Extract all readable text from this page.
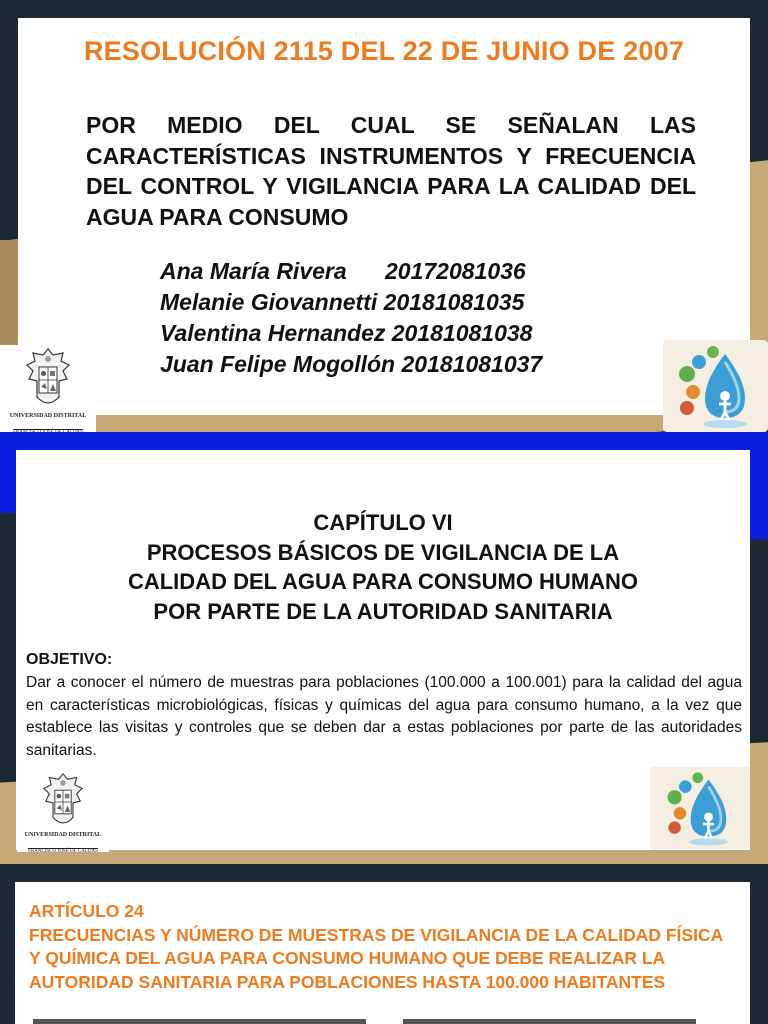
RESOLUCIÓN 2115 DEL 22 DE JUNIO DE 2007
POR MEDIO DEL CUAL SE SEÑALAN LAS CARACTERÍSTICAS INSTRUMENTOS Y FRECUENCIA DEL CONTROL Y VIGILANCIA PARA LA CALIDAD DEL AGUA PARA CONSUMO
Ana María Rivera 20172081036
Melanie Giovannetti 20181081035
Valentina Hernandez 20181081038
Juan Felipe Mogollón 20181081037
UNIVERSIDAD DISTRITAL
CAPÍTULO VI
PROCESOS BÁSICOS DE VIGILANCIA DE LA
CALIDAD DEL AGUA PARA CONSUMO HUMANO
POR PARTE DE LA AUTORIDAD SANITARIA
OBJETIVO:
Dar a conocer el número de muestras para poblaciones (100.000 a 100.001) para la calidad del agua en características microbiológicas, físicas y químicas del agua para consumo humano, a la vez que establece las visitas y controles que se deben dar a estas poblaciones por parte de las autoridades sanitarias.
UNIVERSIDAD DISTRITAL
FRANCISCO JOSÉ DE CALDAS
ARTÍCULO 24
FRECUENCIAS Y NÚMERO DE MUESTRAS DE VIGILANCIA DE LA CALIDAD FÍSICA Y QUÍMICA DEL AGUA PARA CONSUMO HUMANO QUE DEBE REALIZAR LA AUTORIDAD SANITARIA PARA POBLACIONES HASTA 100.000 HABITANTES
